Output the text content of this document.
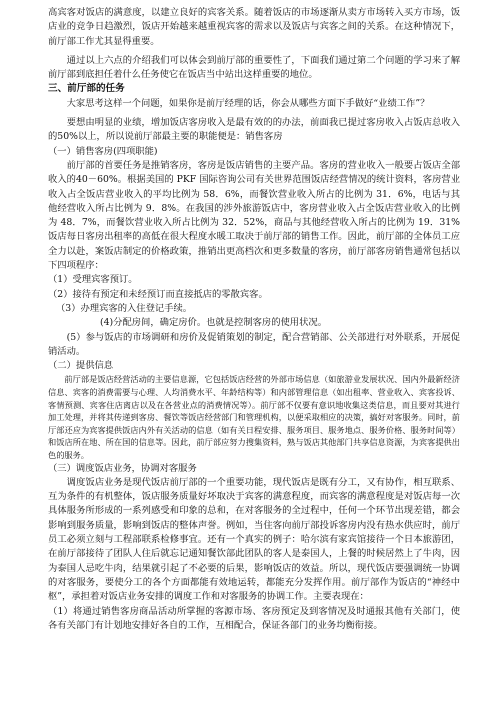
高宾客对饭店的满意度，以建立良好的宾客关系。随着饭店的市场逐渐从卖方市场转入买方市场，饭店业的竞争日趋激烈，饭店开始越来越重视宾客的需求以及饭店与宾客之间的关系。在这种情况下，前厅部工作尤其显得重要。

通过以上六点的介绍我们可以体会到前厅部的重要性了，下面我们通过第二个问题的学习来了解前厅部到底担任着什么任务使它在饭店当中站出这样重要的地位。

三、前厅部的任务

大家思考这样一个问题，如果你是前厅经理的话，你会从哪些方面下手做好“业绩工作”？

要想由明显的业绩，增加饭店客房收入是最有效的的办法，前面我已提过客房收入占饭店总收入的50%以上，所以说前厅部最主要的职能便是：销售客房

（一）销售客房(四项职能)

前厅部的首要任务是推销客房，客房是饭店销售的主要产品。客房的营业收入一般要占饭店全部收入的40－60%。根据美国的 PKF 国际咨询公司有关世界范围饭店经营情况的统计资料，客房营业收入占全饭店营业收入的平均比例为 58．6%，而餐饮营业收入所占的比例为 31．6%，电话与其他经营收入所占比例为 9．8%。在我国的涉外旅游饭店中，客房营业收入占全饭店营业收入的比例为 48．7%，而餐饮营业收入所占比例为 32．52%，商品与其他经营收入所占的比例为 19．31%饭店每日客房出租率的高低在很大程度水暖工取决于前厅部的销售工作。因此，前厅部的全体员工应全力以赴，案饭店制定的价格政策，推销出更高档次和更多数量的客房，前厅部客房销售通常包括以下四项程序：

（1）受理宾客预订。

（2）接待有预定和未经预订而直接抵店的零散宾客。

（3）办理宾客的入住登记手续。

(4)分配房间，确定房价。也就是控制客房的使用状况。

(5）参与饭店的市场调研和房价及促销策划的制定，配合营销部、公关部进行对外联系，开展促销活动。

（二）提供信息

前厅部是饭店经营活动的主要信息源，它包括饭店经营的外部市场信息（如旅游业发展状况、国内外最新经济信息、宾客的消费需要与心理、人均消费水平、年龄结构等）和内部管理信息（如出租率、营业收入、宾客投诉、客情预测、宾客住店离店以及在各营业点的消费情况等）。前厅部不仅要有意识地收集这类信息，而且要对其进行加工处理，并将其传递到客房、餐饮等饭店经营部门和管理机构，以便采取相应的决策，搞好对客服务。同时，前厅部还应为宾客提供饭店内外有关活动的信息（如有关日程安排、服务项目、服务地点、服务价格、服务时间等）和饭店所在地、所在国的信息等。因此，前厅部应努力搜集资料，熟与饭店其他部门共享信息资源，为宾客提供出色的服务。

（三）调度饭店业务，协调对客服务

调度饭店业务是现代饭店前厅部的一个重要功能，现代饭店是既有分工，又有协作，相互联系、互为条件的有机整体，饭店服务质量好坏取决于宾客的满意程度，而宾客的满意程度是对饭店每一次具体服务所形成的一系列感受和印象的总和，在对客服务的全过程中，任何一个环节出现差错，都会影响到服务质量，影响到饭店的整体声誉。例如，当住客向前厅部投诉客房内没有热水供应时，前厅员工必须立刻与工程部联系检修事宜。还有一个真实的例子：哈尔滨有家宾馆接待一个日本旅游团，在前厅部接待了团队人住后就忘记通知餐饮部此团队的客人是泰国人，上餐的时候居然上了牛肉，因为泰国人忌吃牛肉，结果就引起了不必要的后果，影响饭店的效益。所以，现代饭店要强调统一协调的对客服务，要使分工的各个方面都能有效地运转，都能充分发挥作用。前厅部作为饭店的“神经中枢”，承担着对饭店业务安排的调度工作和对客服务的协调工作。主要表现在：

（1）将通过销售客房商品活动所掌握的客源市场、客房预定及到客情况及时通报其他有关部门，使各有关部门有计划地安排好各自的工作，互相配合，保证各部门的业务均衡衔接。
